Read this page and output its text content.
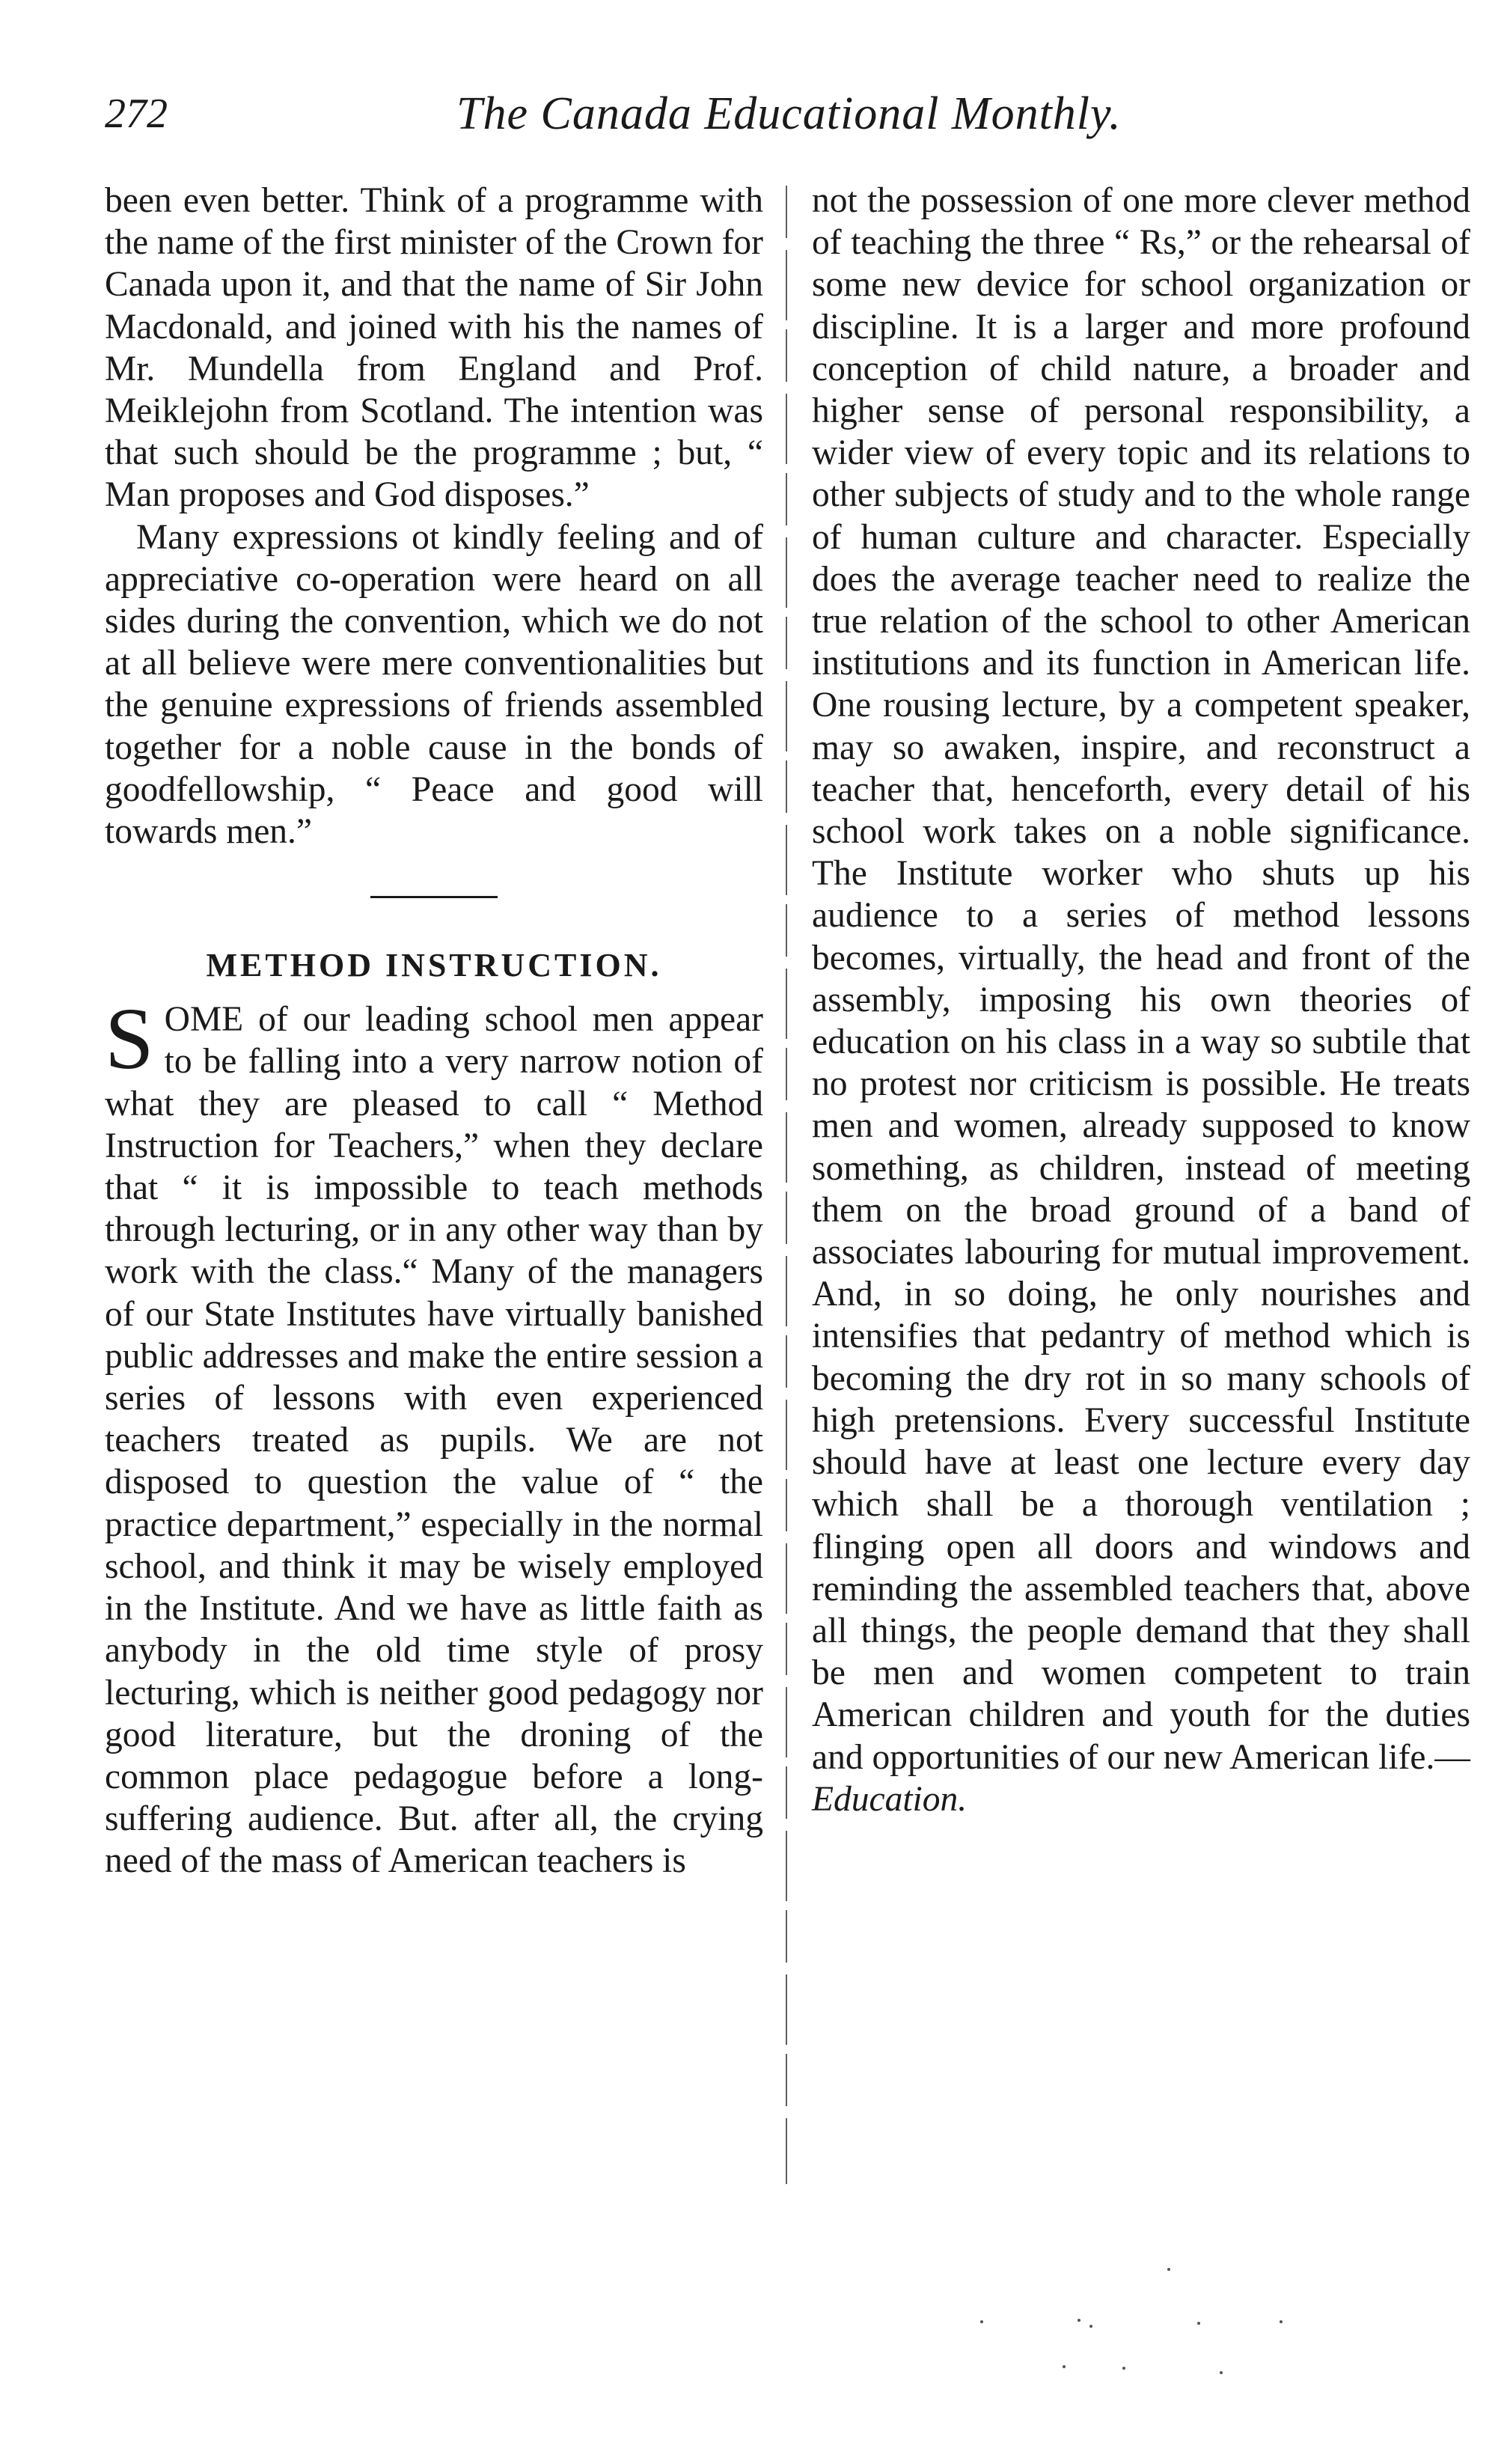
272	The Canada Educational Monthly.

been even better. Think of a programme with the name of the first minister of the Crown for Canada upon it, and that the name of Sir John Macdonald, and joined with his the names of Mr. Mundella from England and Prof. Meiklejohn from Scotland. The intention was that such should be the programme ; but, “ Man proposes and God disposes.”

Many expressions ot kindly feeling and of appreciative co-operation were heard on all sides during the convention, which we do not at all believe were mere conventionalities but the genuine expressions of friends assembled together for a noble cause in the bonds of goodfellowship, “ Peace and good will towards men.”

METHOD INSTRUCTION.

SOME of our leading school men appear to be falling into a very narrow notion of what they are pleased to call “ Method Instruction for Teachers,” when they declare that “ it is impossible to teach methods through lecturing, or in any other way than by work with the class.“ Many of the managers of our State Institutes have virtually banished public addresses and make the entire session a series of lessons with even experienced teachers treated as pupils. We are not disposed to question the value of “ the practice department,” especially in the normal school, and think it may be wisely employed in the Institute. And we have as little faith as anybody in the old time style of prosy lecturing, which is neither good pedagogy nor good literature, but the droning of the common place pedagogue before a long-suffering audience. But. after all, the crying need of the mass of American teachers is

not the possession of one more clever method of teaching the three “ Rs,” or the rehearsal of some new device for school organization or discipline. It is a larger and more profound conception of child nature, a broader and higher sense of personal responsibility, a wider view of every topic and its relations to other subjects of study and to the whole range of human culture and character. Especially does the average teacher need to realize the true relation of the school to other American institutions and its function in American life. One rousing lecture, by a competent speaker, may so awaken, inspire, and reconstruct a teacher that, henceforth, every detail of his school work takes on a noble significance. The Institute worker who shuts up his audience to a series of method lessons becomes, virtually, the head and front of the assembly, imposing his own theories of education on his class in a way so subtile that no protest nor criticism is possible. He treats men and women, already supposed to know something, as children, instead of meeting them on the broad ground of a band of associates labouring for mutual improvement. And, in so doing, he only nourishes and intensifies that pedantry of method which is becoming the dry rot in so many schools of high pretensions. Every successful Institute should have at least one lecture every day which shall be a thorough ventilation ; flinging open all doors and windows and reminding the assembled teachers that, above all things, the people demand that they shall be men and women competent to train American children and youth for the duties and opportunities of our new American life.—
Education.
